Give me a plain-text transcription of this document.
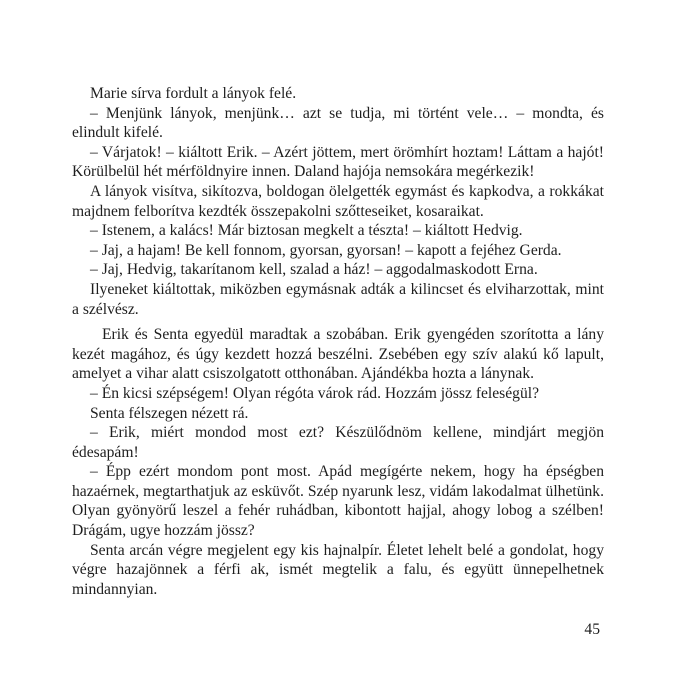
Marie sírva fordult a lányok felé.

– Menjünk lányok, menjünk… azt se tudja, mi történt vele… – mondta, és elindult kifelé.

– Várjatok! – kiáltott Erik. – Azért jöttem, mert örömhírt hoztam! Láttam a hajót! Körülbelül hét mérföldnyire innen. Daland hajója nemsokára megérkezik!

A lányok visítva, sikítozva, boldogan ölelgették egymást és kapkodva, a rokkákat majdnem felborítva kezdték összepakolni szőtteseiket, kosaraikat.

– Istenem, a kalács! Már biztosan megkelt a tészta! – kiáltott Hedvig.

– Jaj, a hajam! Be kell fonnom, gyorsan, gyorsan! – kapott a fejéhez Gerda.

– Jaj, Hedvig, takarítanom kell, szalad a ház! – aggodalmaskodott Erna.

Ilyeneket kiáltottak, miközben egymásnak adták a kilincset és elviharzottak, mint a szélvész.

Erik és Senta egyedül maradtak a szobában. Erik gyengéden szorította a lány kezét magához, és úgy kezdett hozzá beszélni. Zsebében egy szív alakú kő lapult, amelyet a vihar alatt csiszolgatott otthonában. Ajándékba hozta a lánynak.

– Én kicsi szépségem! Olyan régóta várok rád. Hozzám jössz feleségül?

Senta félszegen nézett rá.

– Erik, miért mondod most ezt? Készülődnöm kellene, mindjárt megjön édesapám!

– Épp ezért mondom pont most. Apád megígérte nekem, hogy ha épségben hazaérnek, megtarthatjuk az esküvőt. Szép nyarunk lesz, vidám lakodalmat ülhetünk. Olyan gyönyörű leszel a fehér ruhádban, kibontott hajjal, ahogy lobog a szélben! Drágám, ugye hozzám jössz?

Senta arcán végre megjelent egy kis hajnalpír. Életet lehelt belé a gondolat, hogy végre hazajönnek a férfi ak, ismét megtelik a falu, és együtt ünnepelhetnek mindannyian.

45
